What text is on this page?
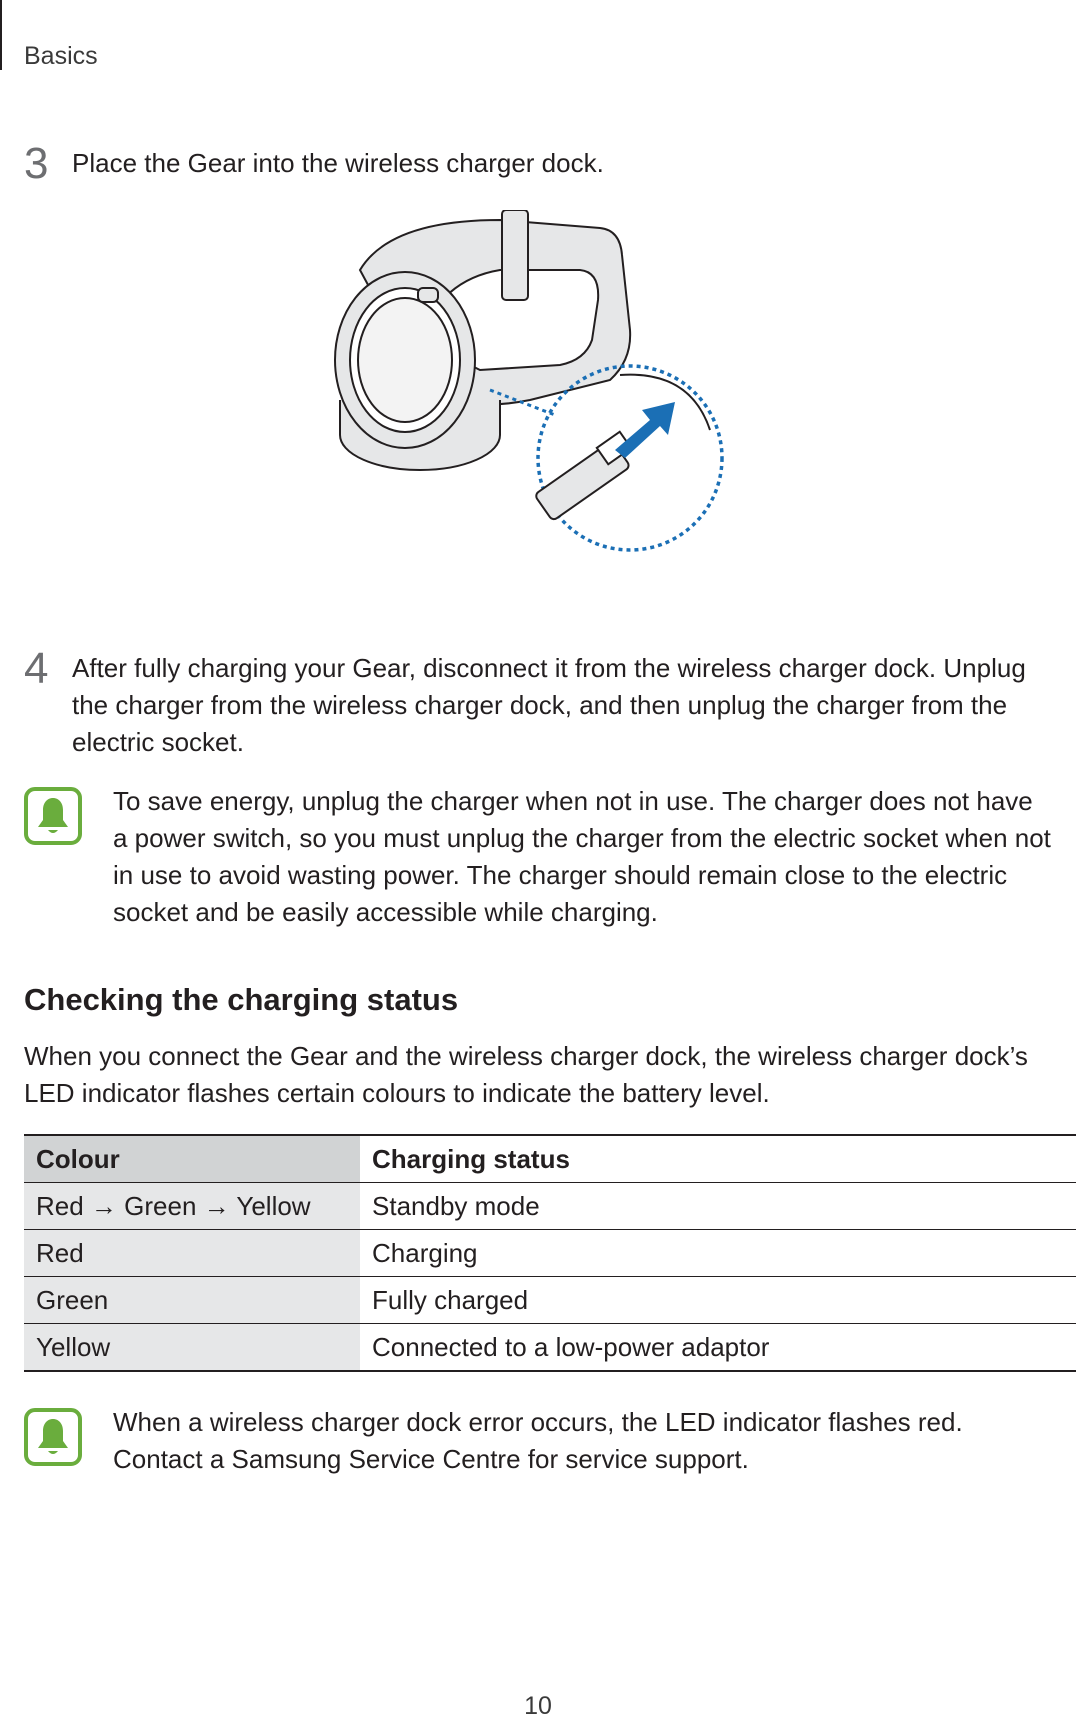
Basics
3 Place the Gear into the wireless charger dock.
4 After fully charging your Gear, disconnect it from the wireless charger dock. Unplug the charger from the wireless charger dock, and then unplug the charger from the electric socket.
To save energy, unplug the charger when not in use. The charger does not have a power switch, so you must unplug the charger from the electric socket when not in use to avoid wasting power. The charger should remain close to the electric socket and be easily accessible while charging.
Checking the charging status
When you connect the Gear and the wireless charger dock, the wireless charger dock’s LED indicator flashes certain colours to indicate the battery level.
Colour	Charging status
Red → Green → Yellow	Standby mode
Red	Charging
Green	Fully charged
Yellow	Connected to a low-power adaptor
When a wireless charger dock error occurs, the LED indicator flashes red. Contact a Samsung Service Centre for service support.
10
